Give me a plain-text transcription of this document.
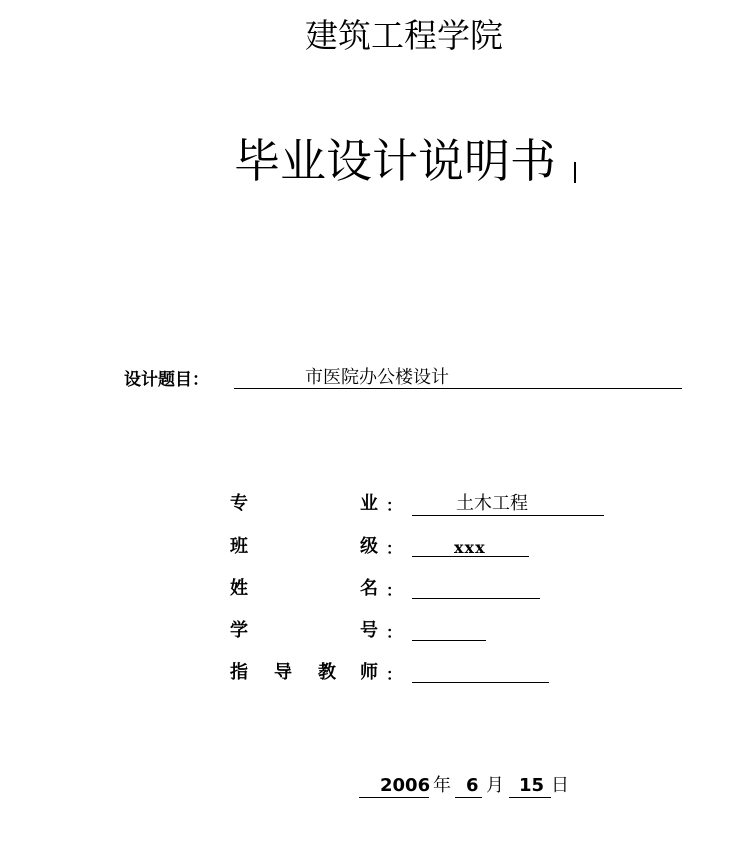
建筑工程学院
毕业设计说明书
设计题目：	市医院办公楼设计
专	业 ：	土木工程
班	级 ：	xxx
姓	名 ：
学	号 ：
指 导 教 师 ：
2006 年 6 月 15 日
